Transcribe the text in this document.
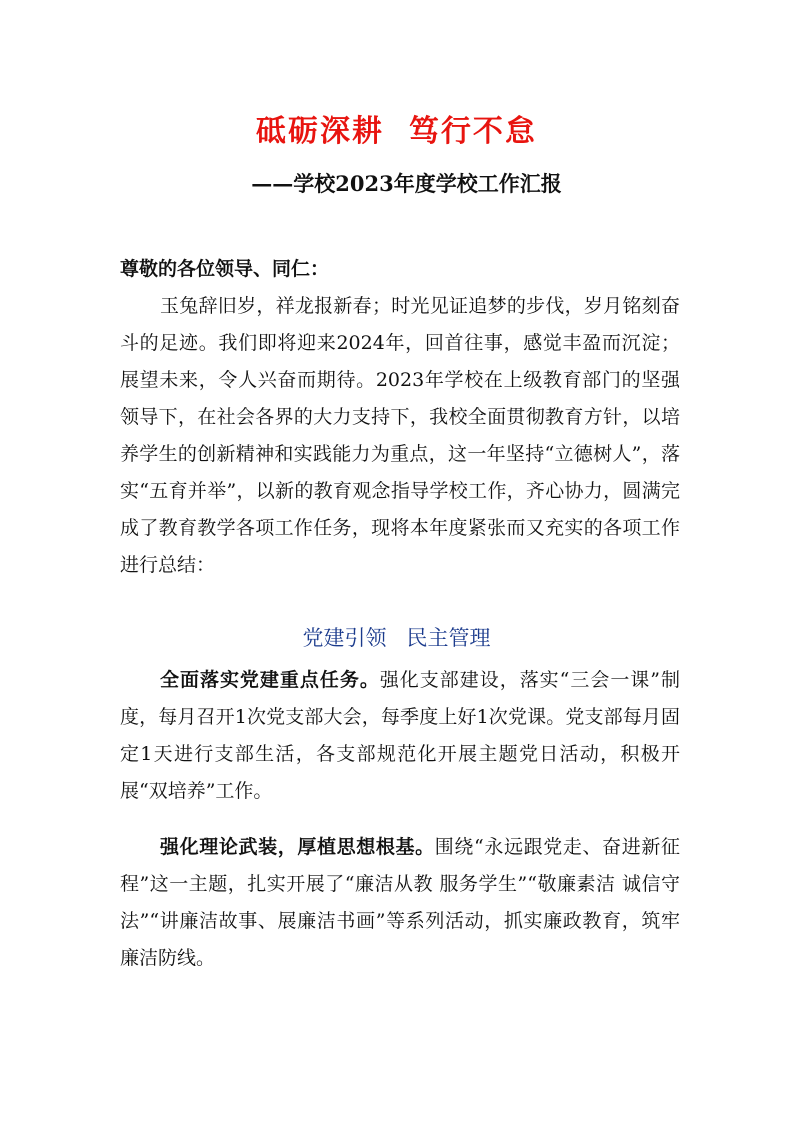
砥砺深耕  笃行不怠
——学校2023年度学校工作汇报
尊敬的各位领导、同仁：
玉兔辞旧岁，祥龙报新春；时光见证追梦的步伐，岁月铭刻奋斗的足迹。我们即将迎来2024年，回首往事，感觉丰盈而沉淀；展望未来，令人兴奋而期待。2023年学校在上级教育部门的坚强领导下，在社会各界的大力支持下，我校全面贯彻教育方针，以培养学生的创新精神和实践能力为重点，这一年坚持“立德树人”，落实“五育并举”，以新的教育观念指导学校工作，齐心协力，圆满完成了教育教学各项工作任务，现将本年度紧张而又充实的各项工作进行总结：
党建引领   民主管理
全面落实党建重点任务。强化支部建设，落实“三会一课”制度，每月召开1次党支部大会，每季度上好1次党课。党支部每月固定1天进行支部生活，各支部规范化开展主题党日活动，积极开展“双培养”工作。
强化理论武装，厚植思想根基。围绕“永远跟党走、奋进新征程”这一主题，扎实开展了“廉洁从教 服务学生”“敬廉素洁 诚信守法”“讲廉洁故事、展廉洁书画”等系列活动，抓实廉政教育，筑牢廉洁防线。
